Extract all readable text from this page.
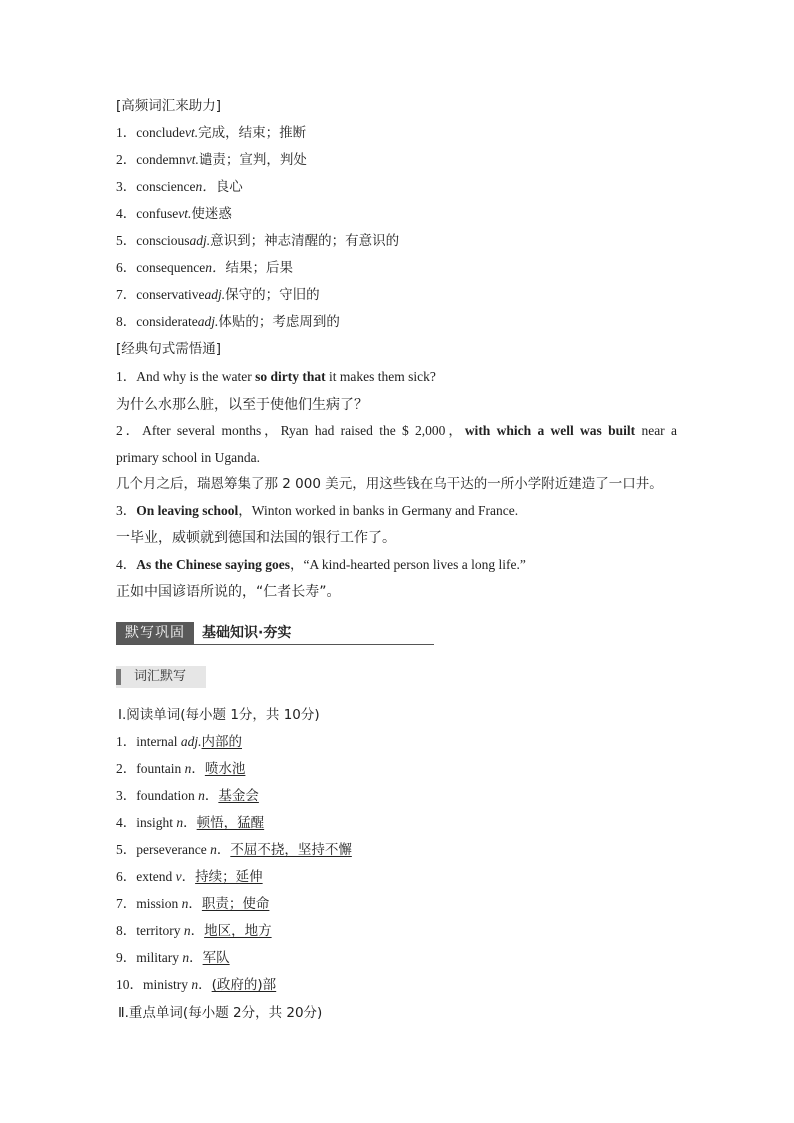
[高频词汇来助力]
1．concludevt.完成，结束；推断
2．condemnvt.谴责；宣判，判处
3．consciencen．良心
4．confusevt.使迷惑
5．consciousadj.意识到；神志清醒的；有意识的
6．consequencen．结果；后果
7．conservativeadj.保守的；守旧的
8．considerateadj.体贴的；考虑周到的
[经典句式需悟通]
1．And why is the water so dirty that it makes them sick?
为什么水那么脏，以至于使他们生病了？
2．After several months，Ryan had raised the $ 2,000，with which a well was built near a
primary school in Uganda.
几个月之后，瑞恩筹集了那 2 000 美元，用这些钱在乌干达的一所小学附近建造了一口井。
3．On leaving school，Winton worked in banks in Germany and France.
一毕业，威顿就到德国和法国的银行工作了。
4．As the Chinese saying goes，“A kind-hearted person lives a long life.”
正如中国谚语所说的，“仁者长寿”。
默写巩固	基础知识·夯实
词汇默写
Ⅰ.阅读单词(每小题 1分，共 10分)
1．internal adj.内部的
2．fountain n．喷水池
3．foundation n．基金会
4．insight n．顿悟，猛醒
5．perseverance n．不屈不挠，坚持不懈
6．extend v．持续；延伸
7．mission n．职责；使命
8．territory n．地区，地方
9．military n．军队
10．ministry n．(政府的)部
Ⅱ.重点单词(每小题 2分，共 20分)
